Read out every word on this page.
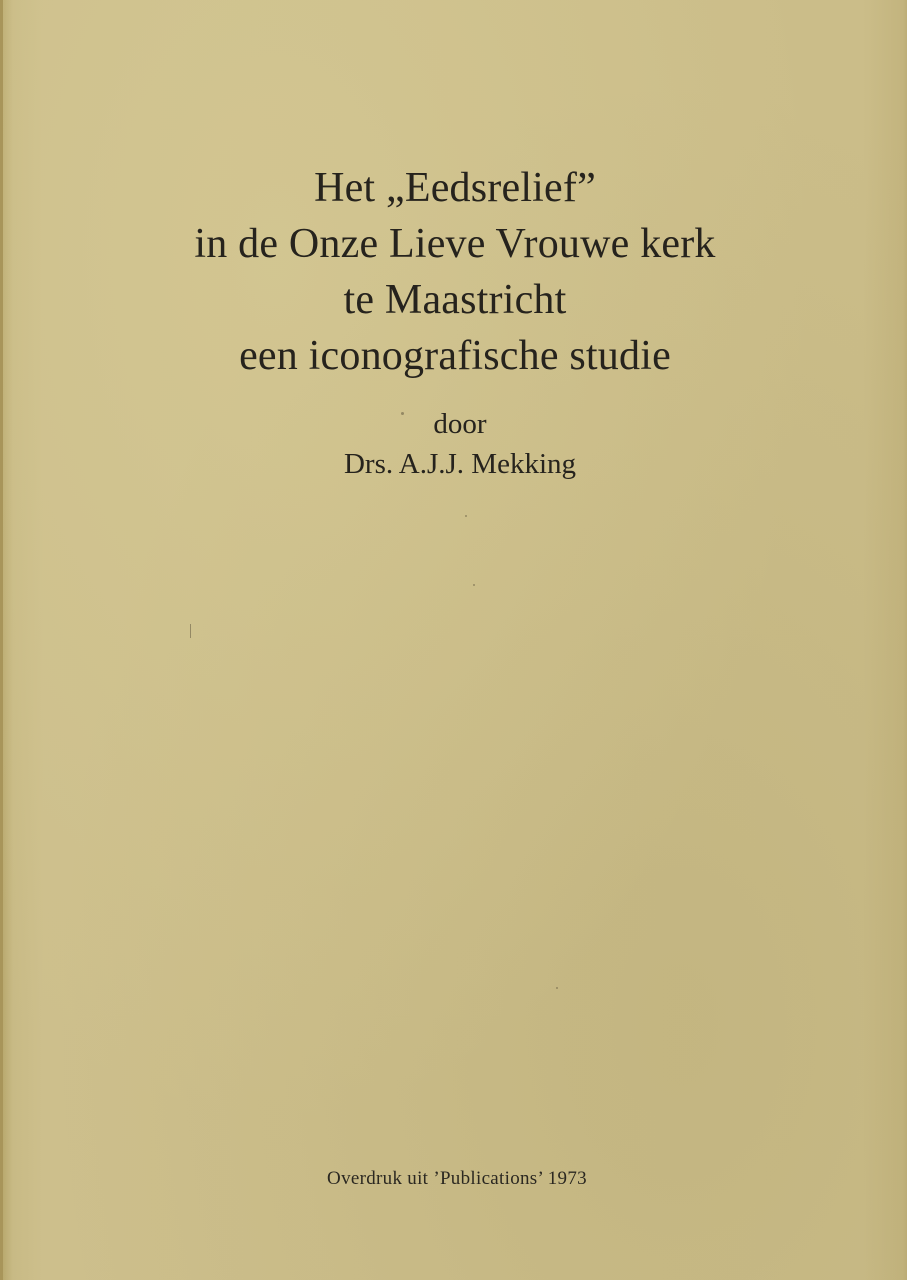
Het „Eedsrelief”
in de Onze Lieve Vrouwe kerk
te Maastricht
een iconografische studie
door
Drs. A.J.J. Mekking
Overdruk uit ’Publications’ 1973
